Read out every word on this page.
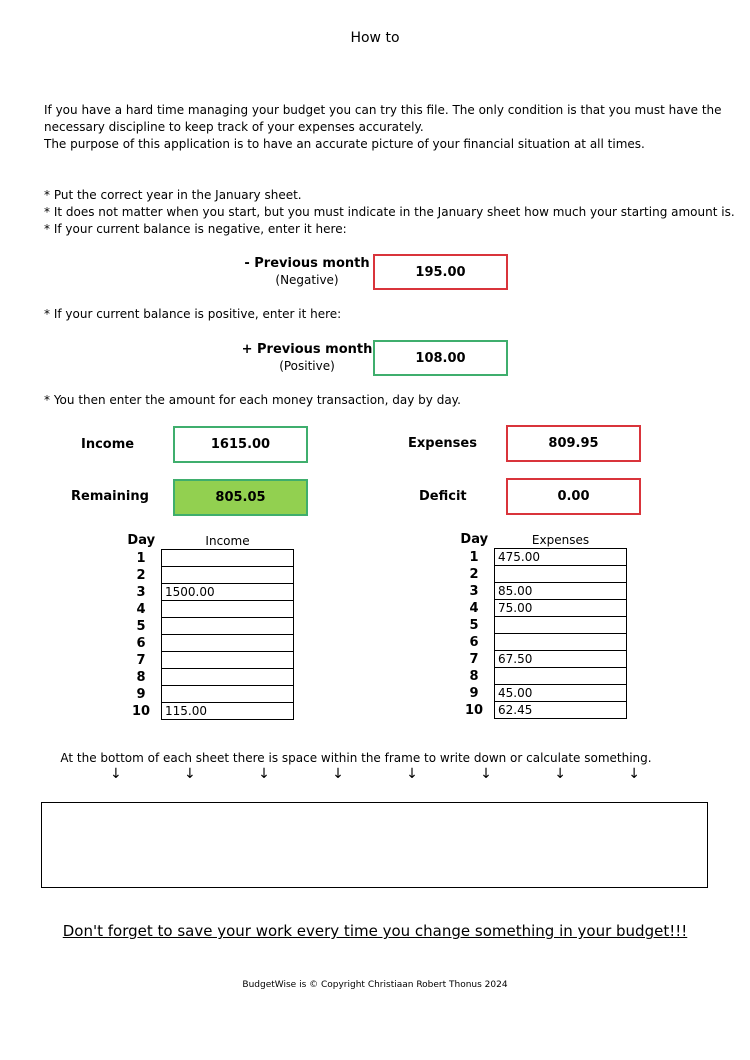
How to
If you have a hard time managing your budget you can try this file. The only condition is that you must have the
necessary discipline to keep track of your expenses accurately.
The purpose of this application is to have an accurate picture of your financial situation at all times.
* Put the correct year in the January sheet.
* It does not matter when you start, but you must indicate in the January sheet how much your starting amount is.
* If your current balance is negative, enter it here:
- Previous month
(Negative)
195.00
* If your current balance is positive, enter it here:
+ Previous month
(Positive)
108.00
* You then enter the amount for each money transaction, day by day.
Income	1615.00	Expenses	809.95
Remaining	805.05	Deficit	0.00
Day	Income
1	
2	
3	1500.00
4	
5	
6	
7	
8	
9	
10	115.00
Day	Expenses
1	475.00
2	
3	85.00
4	75.00
5	
6	
7	67.50
8	
9	45.00
10	62.45
At the bottom of each sheet there is space within the frame to write down or calculate something.
↓	↓	↓	↓	↓	↓	↓	↓
Don't forget to save your work every time you change something in your budget!!!
BudgetWise is © Copyright Christiaan Robert Thonus 2024
